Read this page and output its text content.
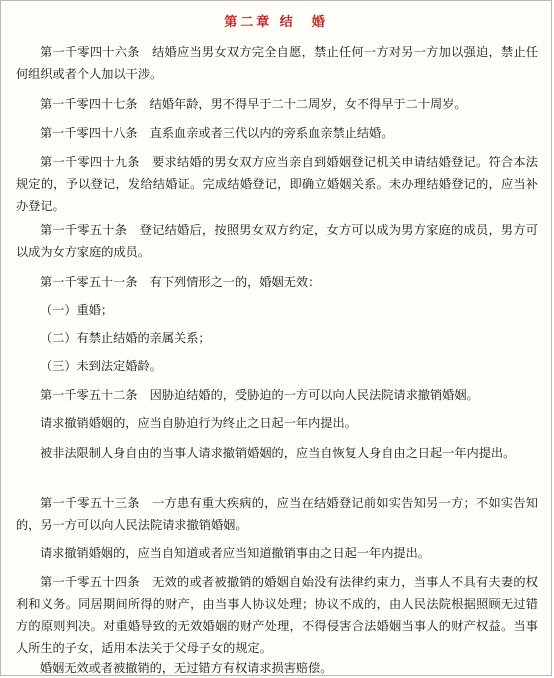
第二章 结　婚

第一千零四十六条　结婚应当男女双方完全自愿，禁止任何一方对另一方加以强迫，禁止任何组织或者个人加以干涉。

第一千零四十七条　结婚年龄，男不得早于二十二周岁，女不得早于二十周岁。

第一千零四十八条　直系血亲或者三代以内的旁系血亲禁止结婚。

第一千零四十九条　要求结婚的男女双方应当亲自到婚姻登记机关申请结婚登记。符合本法规定的，予以登记，发给结婚证。完成结婚登记，即确立婚姻关系。未办理结婚登记的，应当补办登记。

第一千零五十条　登记结婚后，按照男女双方约定，女方可以成为男方家庭的成员，男方可以成为女方家庭的成员。

第一千零五十一条　有下列情形之一的，婚姻无效：

（一）重婚；

（二）有禁止结婚的亲属关系；

（三）未到法定婚龄。

第一千零五十二条　因胁迫结婚的，受胁迫的一方可以向人民法院请求撤销婚姻。

请求撤销婚姻的，应当自胁迫行为终止之日起一年内提出。

被非法限制人身自由的当事人请求撤销婚姻的，应当自恢复人身自由之日起一年内提出。

第一千零五十三条　一方患有重大疾病的，应当在结婚登记前如实告知另一方；不如实告知的，另一方可以向人民法院请求撤销婚姻。

请求撤销婚姻的，应当自知道或者应当知道撤销事由之日起一年内提出。

第一千零五十四条　无效的或者被撤销的婚姻自始没有法律约束力，当事人不具有夫妻的权利和义务。同居期间所得的财产，由当事人协议处理；协议不成的，由人民法院根据照顾无过错方的原则判决。对重婚导致的无效婚姻的财产处理，不得侵害合法婚姻当事人的财产权益。当事人所生的子女，适用本法关于父母子女的规定。

婚姻无效或者被撤销的，无过错方有权请求损害赔偿。
